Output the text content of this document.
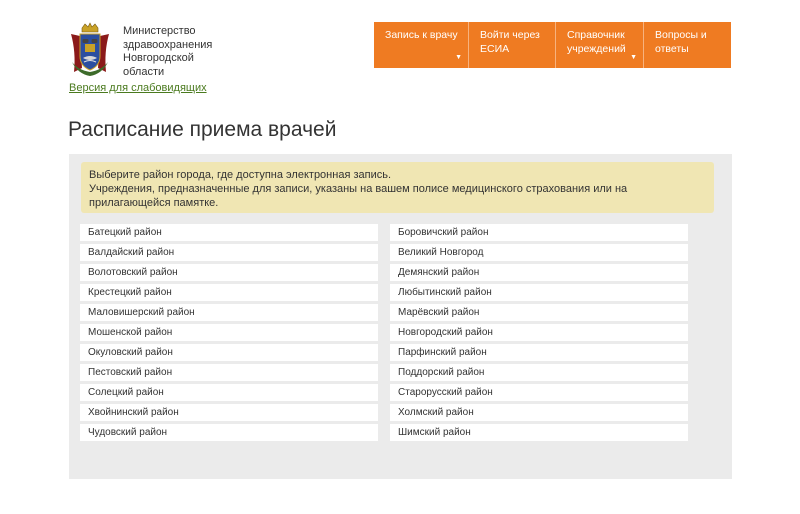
Министерство
здравоохранения
Новгородской
области
Версия для слабовидящих
Запись к врачу
▼
Войти через ЕСИА
Справочник учреждений
▼
Вопросы и ответы
Расписание приема врачей
Выберите район города, где доступна электронная запись.
Учреждения, предназначенные для записи, указаны на вашем полисе медицинского страхования или на прилагающейся памятке.
Батецкий район
Валдайский район
Волотовский район
Крестецкий район
Маловишерский район
Мошенской район
Окуловский район
Пестовский район
Солецкий район
Хвойнинский район
Чудовский район
Боровичский район
Великий Новгород
Демянский район
Любытинский район
Марёвский район
Новгородский район
Парфинский район
Поддорский район
Старорусский район
Холмский район
Шимский район
